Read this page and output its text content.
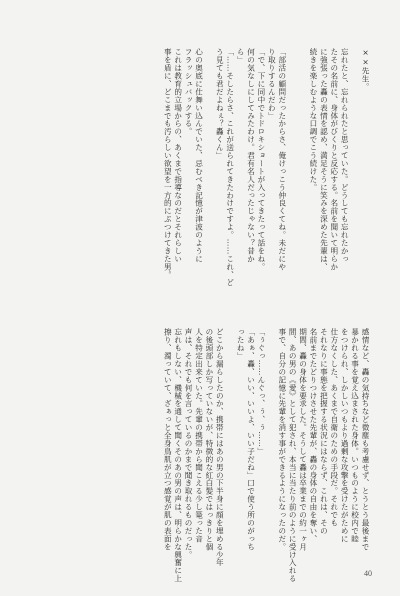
××先生。

忘れたと、忘れられたと思っていた。どうしても忘れたかっ
たその名前に、身体がびくりと反応する。名前を聞いて明らか
に強張った轟の表情を認め、満足そうに笑みを深めた先輩は、
続きを楽しむような口調でこう続けた。

「部活の顧問だったからさ、俺けっこう仲良くてね。未だにや
り取りするんだわ」
「で、下に同中でトドロキショートが入ってきたって話をね。
何の気なしにしてみたわけ。君有名人だったじゃない？昔か
ら」
「……そしたらさ、これが送られてきたわけですよ。……これ、ど
う見ても君だよねぇ？轟くん」

心の奥底に仕舞い込んでいた、忌むべき記憶が津波のように
フラッシュバックする。
これは教育的立場からの、あくまで指導なのだとそれらしい
事を盾に、どこまでも汚らしい欲望を一方的にぶつけてきた男。
感情など、轟の気持ちなど微塵も考慮せず、とうとう最後まで
暴かれる事を覚え込まされた身体。いつものように校内で睦
をつけられ、しかしいつもより過剰な攻撃を受けたがために
仕方なくした、あくまで自衛のための手段だ。それでも
それなりに事態を把握する状況にはならず、これは、その
名前までたどりつけさせた先輩が、轟の身体の自由を奪い、
期間、轟の身体を要求した。そうして轟は卒業までの約一ヶ月
間、あの男の《愛》として犯され、本当に当たり前のように受け入れる
事で、自分の記憶に先輩を消す事ができるようになったのだ。

「ぅぐっ……んぐっ、ぅ、ぅ……」
「あぁ、轟、いい、いいよ、いい子だね」口で使う所のがっち
ったね」

どこから漏らしたのか、携帯にはあの男の下半身に顔を埋める少年
の後頭部しか写っていないが、特徴的な紅白髪ではっきりと個
人を特定出来ていた。先輩の携帯から聞こえる少し篭った音
声は、それでも何を言っているのかまで聞き取れるものだった。
忘れもしない、機械を通して聞くそのあの男の声は、明らかな興奮に上
擦り、濁っていて、ざぁっと全身鳥肌が立つ感覚が肌の表面を
40
